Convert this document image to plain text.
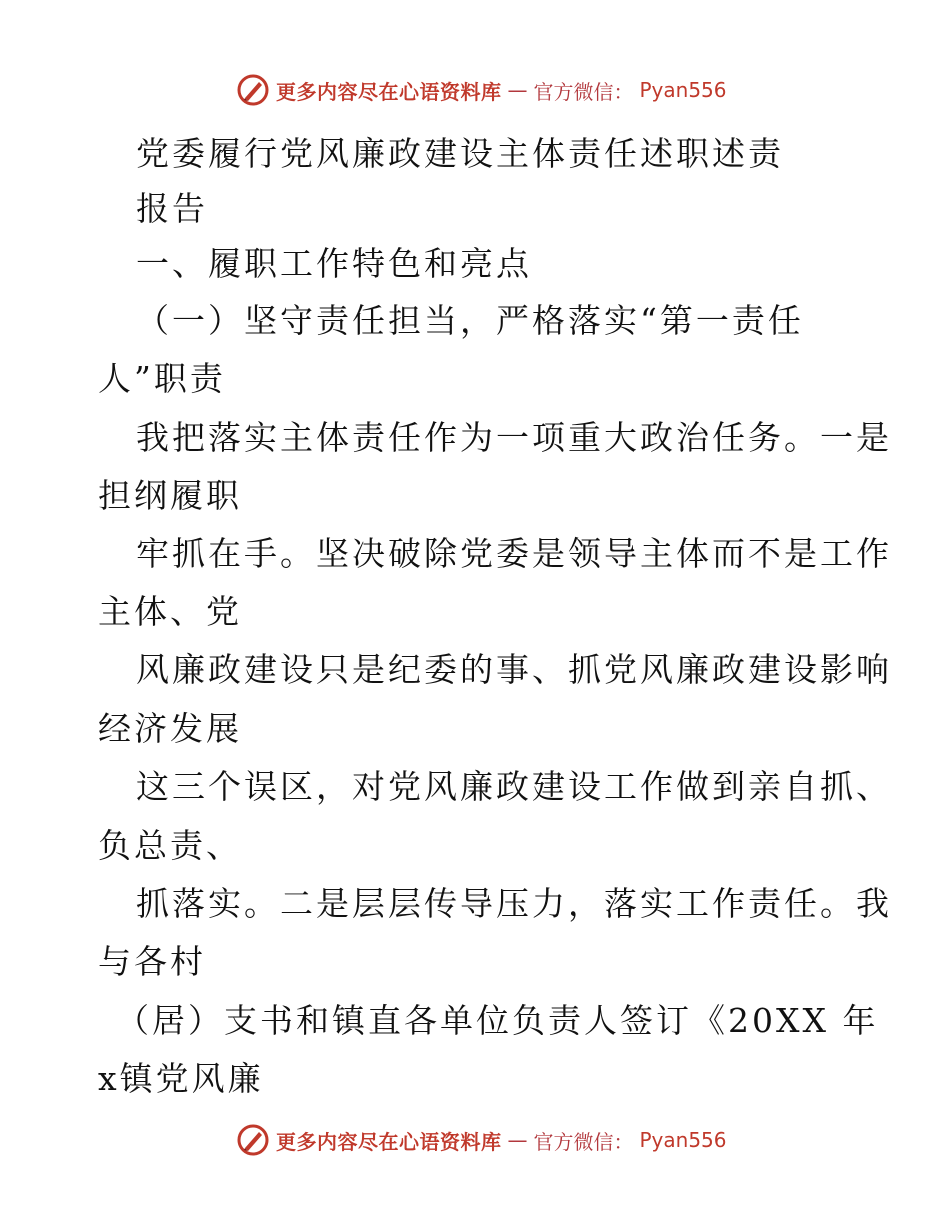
更多内容尽在心语资料库 — 官方微信： Pyan556
党委履行党风廉政建设主体责任述职述责
报告
一、履职工作特色和亮点
（一）坚守责任担当，严格落实“第一责任
人”职责
我把落实主体责任作为一项重大政治任务。一是
担纲履职
牢抓在手。坚决破除党委是领导主体而不是工作
主体、党
风廉政建设只是纪委的事、抓党风廉政建设影响
经济发展
这三个误区，对党风廉政建设工作做到亲自抓、
负总责、
抓落实。二是层层传导压力，落实工作责任。我
与各村
（居）支书和镇直各单位负责人签订《20XX 年
x镇党风廉
更多内容尽在心语资料库 — 官方微信： Pyan556
